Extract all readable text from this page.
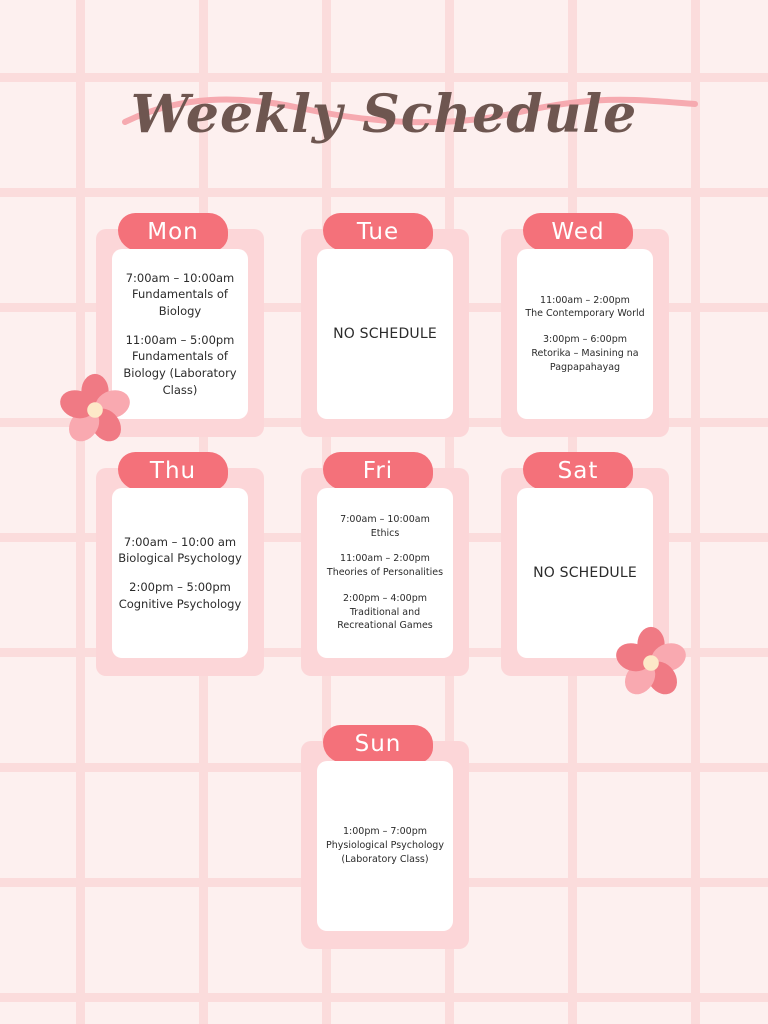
Weekly Schedule
Mon
7:00am – 10:00am
Fundamentals of Biology
11:00am – 5:00pm
Fundamentals of Biology (Laboratory Class)
Tue
NO SCHEDULE
Wed
11:00am – 2:00pm
The Contemporary World
3:00pm – 6:00pm
Retorika – Masining na Pagpapahayag
Thu
7:00am – 10:00 am
Biological Psychology
2:00pm – 5:00pm
Cognitive Psychology
Fri
7:00am – 10:00am
Ethics
11:00am – 2:00pm
Theories of Personalities
2:00pm – 4:00pm
Traditional and Recreational Games
Sat
NO SCHEDULE
Sun
1:00pm – 7:00pm
Physiological Psychology (Laboratory Class)
